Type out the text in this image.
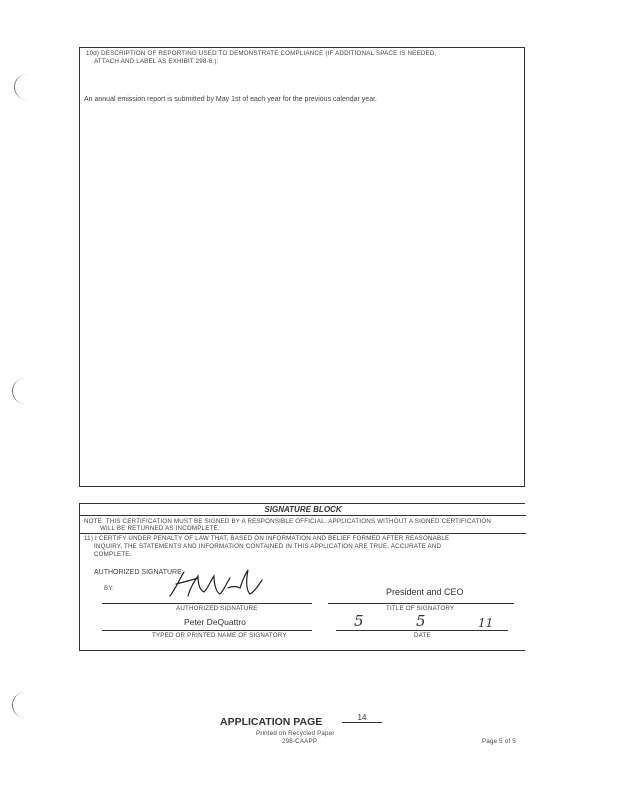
10d) DESCRIPTION OF REPORTING USED TO DEMONSTRATE COMPLIANCE (IF ADDITIONAL SPACE IS NEEDED,
ATTACH AND LABEL AS EXHIBIT 298-6.):
An annual emission report is submitted by May 1st of each year for the previous calendar year.
SIGNATURE BLOCK
NOTE: THIS CERTIFICATION MUST BE SIGNED BY A RESPONSIBLE OFFICIAL. APPLICATIONS WITHOUT A SIGNED CERTIFICATION
WILL BE RETURNED AS INCOMPLETE.
11) I CERTIFY UNDER PENALTY OF LAW THAT, BASED ON INFORMATION AND BELIEF FORMED AFTER REASONABLE
INQUIRY, THE STATEMENTS AND INFORMATION CONTAINED IN THIS APPLICATION ARE TRUE, ACCURATE AND
COMPLETE.
AUTHORIZED SIGNATURE:
BY:
AUTHORIZED SIGNATURE
President and CEO
TITLE OF SIGNATORY
Peter DeQuattro
TYPED OR PRINTED NAME OF SIGNATORY
5	5	11
DATE
APPLICATION PAGE	14
Printed on Recycled Paper
298-CAAPP	Page 5 of 5
